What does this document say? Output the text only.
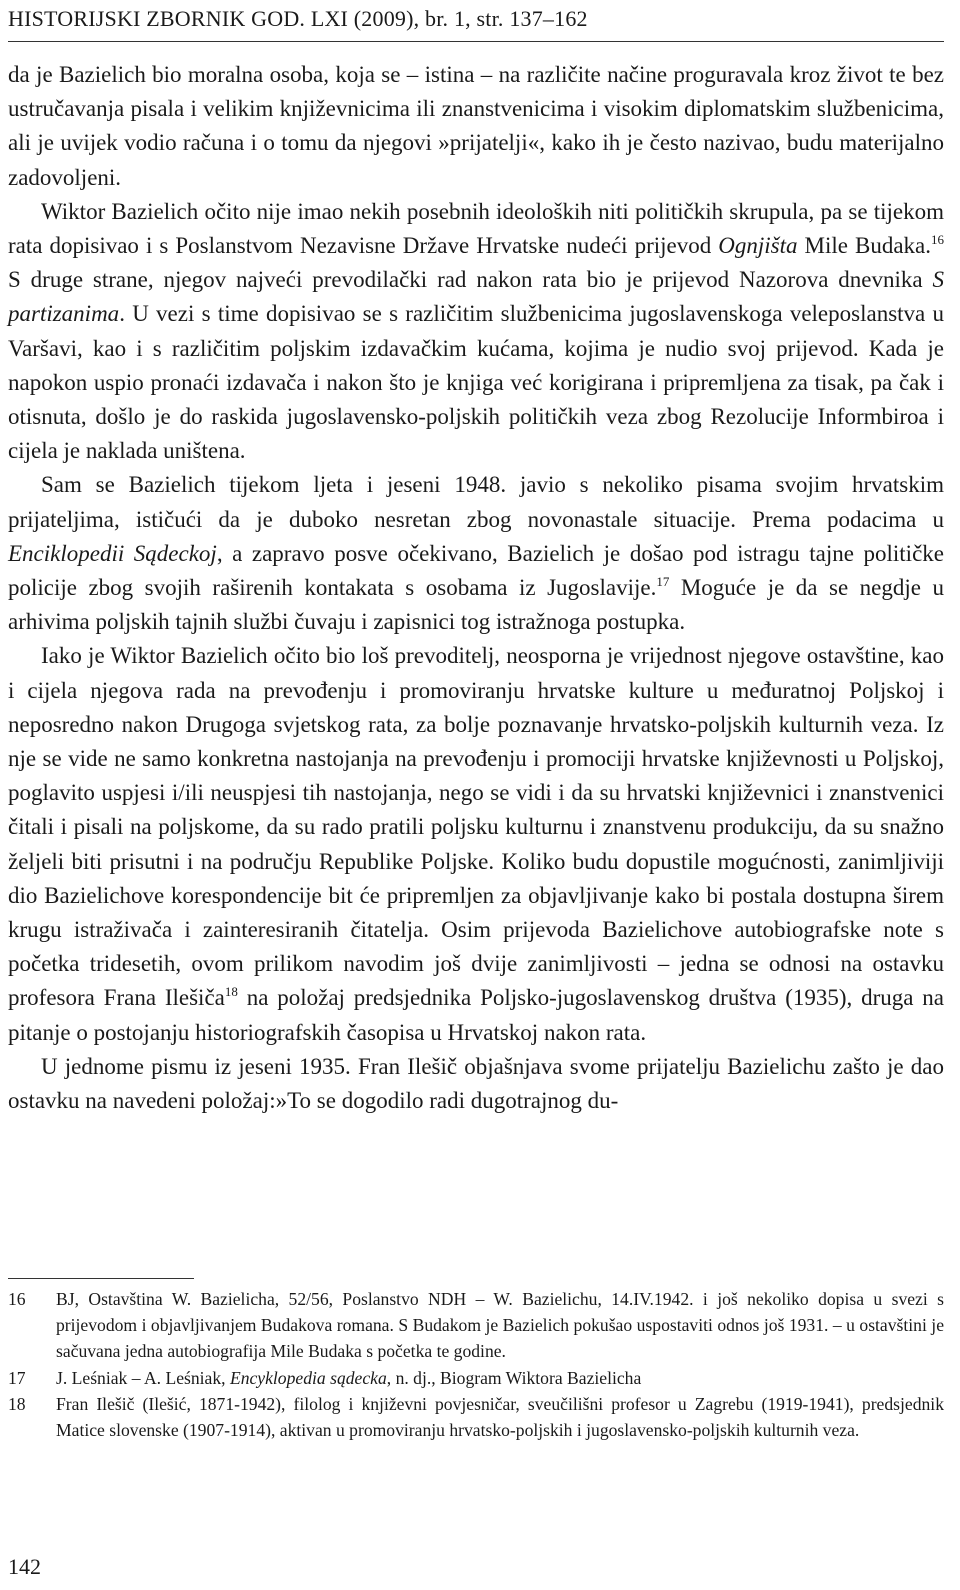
HISTORIJSKI ZBORNIK GOD. LXI (2009), br. 1, str. 137–162

da je Bazielich bio moralna osoba, koja se – istina – na različite načine proguravala kroz život te bez ustručavanja pisala i velikim književnicima ili znanstvenicima i visokim diplomatskim službenicima, ali je uvijek vodio računa i o tomu da njegovi »prijatelji«, kako ih je često nazivao, budu materijalno zadovoljeni.

Wiktor Bazielich očito nije imao nekih posebnih ideoloških niti političkih skrupula, pa se tijekom rata dopisivao i s Poslanstvom Nezavisne Države Hrvatske nudeći prijevod Ognjišta Mile Budaka.$^{16}$ S druge strane, njegov najveći prevodilački rad nakon rata bio je prijevod Nazorova dnevnika S partizanima. U vezi s time dopisivao se s različitim službenicima jugoslavenskoga veleposlanstva u Varšavi, kao i s različitim poljskim izdavačkim kućama, kojima je nudio svoj prijevod. Kada je napokon uspio pronaći izdavača i nakon što je knjiga već korigirana i pripremljena za tisak, pa čak i otisnuta, došlo je do raskida jugoslavensko-poljskih političkih veza zbog Rezolucije Informbiroa i cijela je naklada uništena.

Sam se Bazielich tijekom ljeta i jeseni 1948. javio s nekoliko pisama svojim hrvatskim prijateljima, ističući da je duboko nesretan zbog novonastale situacije. Prema podacima u Enciklopedii Sądeckoj, a zapravo posve očekivano, Bazielich je došao pod istragu tajne političke policije zbog svojih raširenih kontakata s osobama iz Jugoslavije.$^{17}$ Moguće je da se negdje u arhivima poljskih tajnih službi čuvaju i zapisnici tog istražnoga postupka.

Iako je Wiktor Bazielich očito bio loš prevoditelj, neosporna je vrijednost njegove ostavštine, kao i cijela njegova rada na prevođenju i promoviranju hrvatske kulture u međuratnoj Poljskoj i neposredno nakon Drugoga svjetskog rata, za bolje poznavanje hrvatsko-poljskih kulturnih veza. Iz nje se vide ne samo konkretna nastojanja na prevođenju i promociji hrvatske književnosti u Poljskoj, poglavito uspjesi i/ili neuspjesi tih nastojanja, nego se vidi i da su hrvatski književnici i znanstvenici čitali i pisali na poljskome, da su rado pratili poljsku kulturnu i znanstvenu produkciju, da su snažno željeli biti prisutni i na području Republike Poljske. Koliko budu dopustile mogućnosti, zanimljiviji dio Bazielichove korespondencije bit će pripremljen za objavljivanje kako bi postala dostupna širem krugu istraživača i zainteresiranih čitatelja. Osim prijevoda Bazielichove autobiografske note s početka tridesetih, ovom prilikom navodim još dvije zanimljivosti – jedna se odnosi na ostavku profesora Frana Ilešiča$^{18}$ na položaj predsjednika Poljsko-jugoslavenskog društva (1935), druga na pitanje o postojanju historiografskih časopisa u Hrvatskoj nakon rata.

U jednome pismu iz jeseni 1935. Fran Ilešič objašnjava svome prijatelju Bazielichu zašto je dao ostavku na navedeni položaj:»To se dogodilo radi dugotrajnog du-

16	BJ, Ostavština W. Bazielicha, 52/56, Poslanstvo NDH – W. Bazielichu, 14.IV.1942. i još nekoliko dopisa u svezi s prijevodom i objavljivanjem Budakova romana. S Budakom je Bazielich pokušao uspostaviti odnos još 1931. – u ostavštini je sačuvana jedna autobiografija Mile Budaka s početka te godine.
17	J. Leśniak – A. Leśniak, Encyklopedia sądecka, n. dj., Biogram Wiktora Bazielicha
18	Fran Ilešič (Ilešić, 1871-1942), filolog i književni povjesničar, sveučilišni profesor u Zagrebu (1919-1941), predsjednik Matice slovenske (1907-1914), aktivan u promoviranju hrvatsko-poljskih i jugoslavensko-poljskih kulturnih veza.
142
